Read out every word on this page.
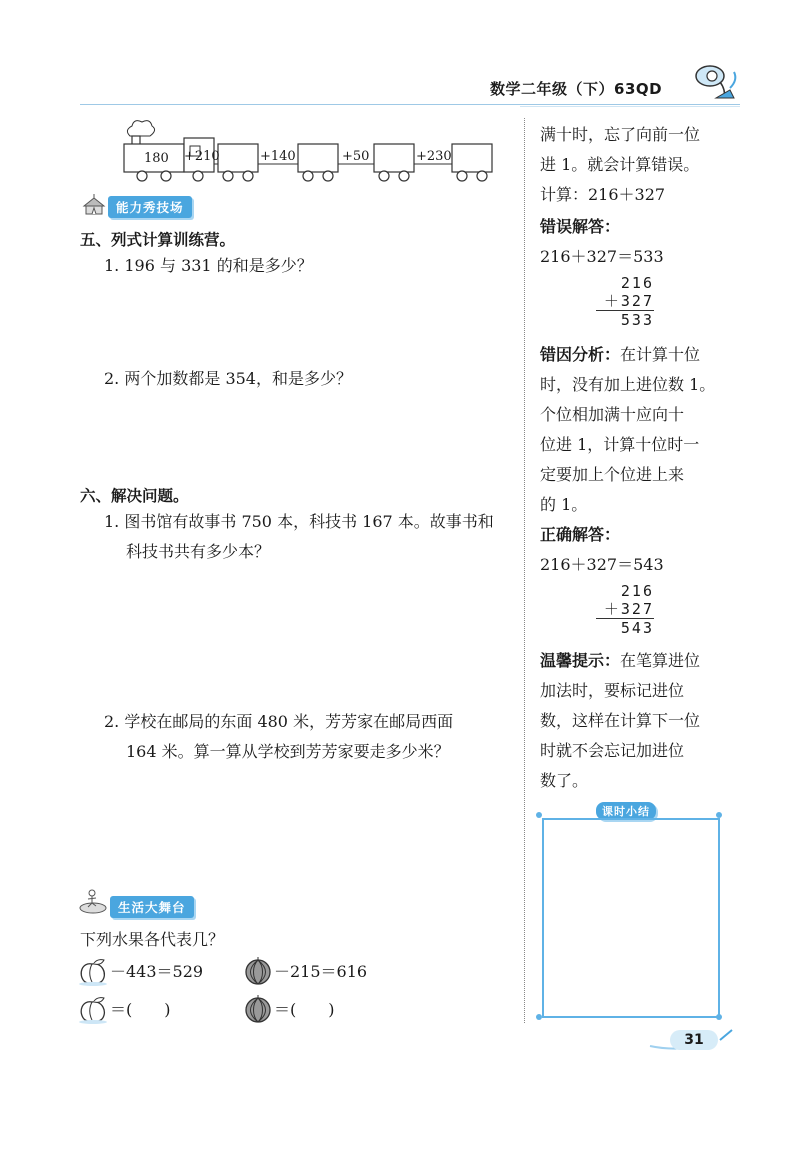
数学二年级（下）63QD
180 +210	+140	+50	+230
能力秀技场
五、列式计算训练营。
1. 196 与 331 的和是多少？
2. 两个加数都是 354，和是多少？
六、解决问题。
1. 图书馆有故事书 750 本，科技书 167 本。故事书和
科技书共有多少本？
2. 学校在邮局的东面 480 米，芳芳家在邮局西面
164 米。算一算从学校到芳芳家要走多少米？
生活大舞台
下列水果各代表几？
－443＝529	－215＝616
＝(　　)	＝(　　)
满十时，忘了向前一位
进 1。就会计算错误。
计算：216＋327
错误解答：
216＋327＝533
216
＋327
533
错因分析：在计算十位
时，没有加上进位数 1。
个位相加满十应向十
位进 1，计算十位时一
定要加上个位进上来
的 1。
正确解答：
216＋327＝543
216
＋327
543
温馨提示：在笔算进位
加法时，要标记进位
数，这样在计算下一位
时就不会忘记加进位
数了。
课时小结
31
